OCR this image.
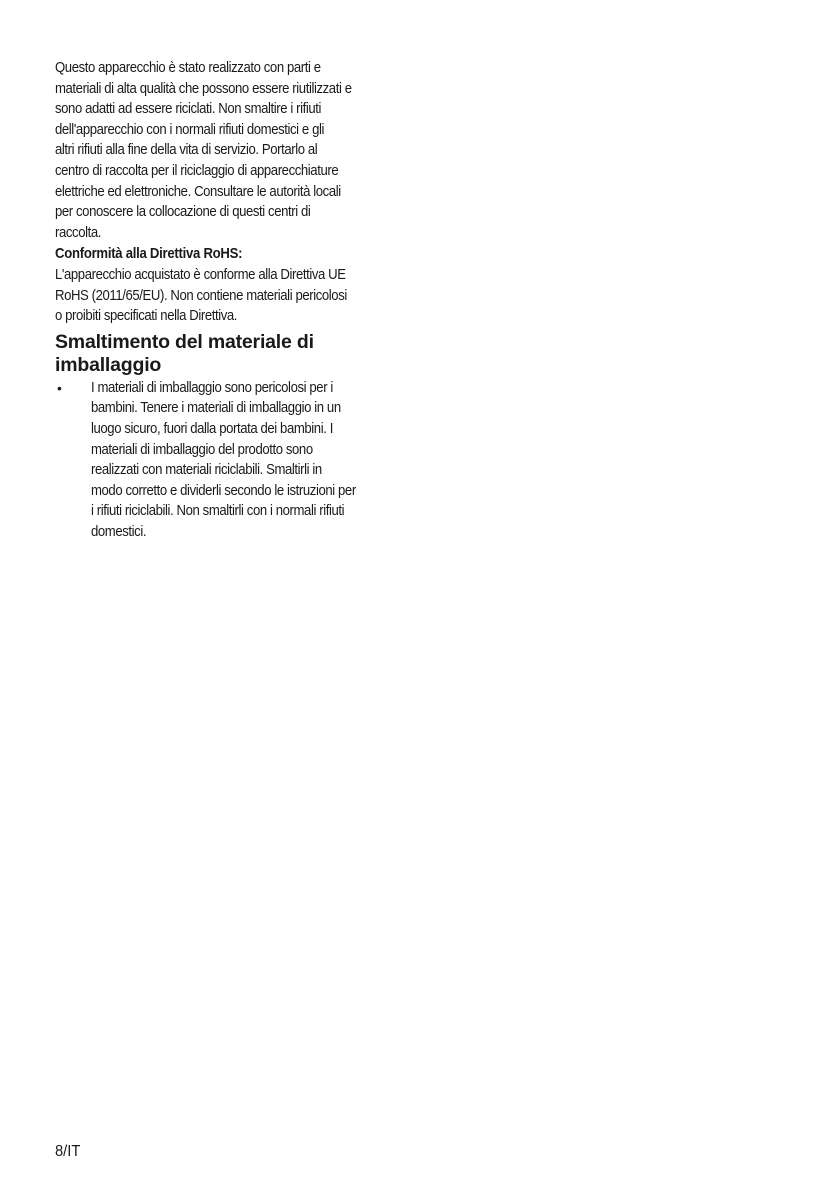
Questo apparecchio è stato realizzato con parti e
materiali di alta qualità che possono essere riutilizzati e
sono adatti ad essere riciclati. Non smaltire i rifiuti
dell'apparecchio con i normali rifiuti domestici e gli
altri rifiuti alla fine della vita di servizio. Portarlo al
centro di raccolta per il riciclaggio di apparecchiature
elettriche ed elettroniche. Consultare le autorità locali
per conoscere la collocazione di questi centri di
raccolta.
Conformità alla Direttiva RoHS:
L'apparecchio acquistato è conforme alla Direttiva UE
RoHS (2011/65/EU). Non contiene materiali pericolosi
o proibiti specificati nella Direttiva.
Smaltimento del materiale di
imballaggio
• I materiali di imballaggio sono pericolosi per i
bambini. Tenere i materiali di imballaggio in un
luogo sicuro, fuori dalla portata dei bambini. I
materiali di imballaggio del prodotto sono
realizzati con materiali riciclabili. Smaltirli in
modo corretto e dividerli secondo le istruzioni per
i rifiuti riciclabili. Non smaltirli con i normali rifiuti
domestici.
8/IT
